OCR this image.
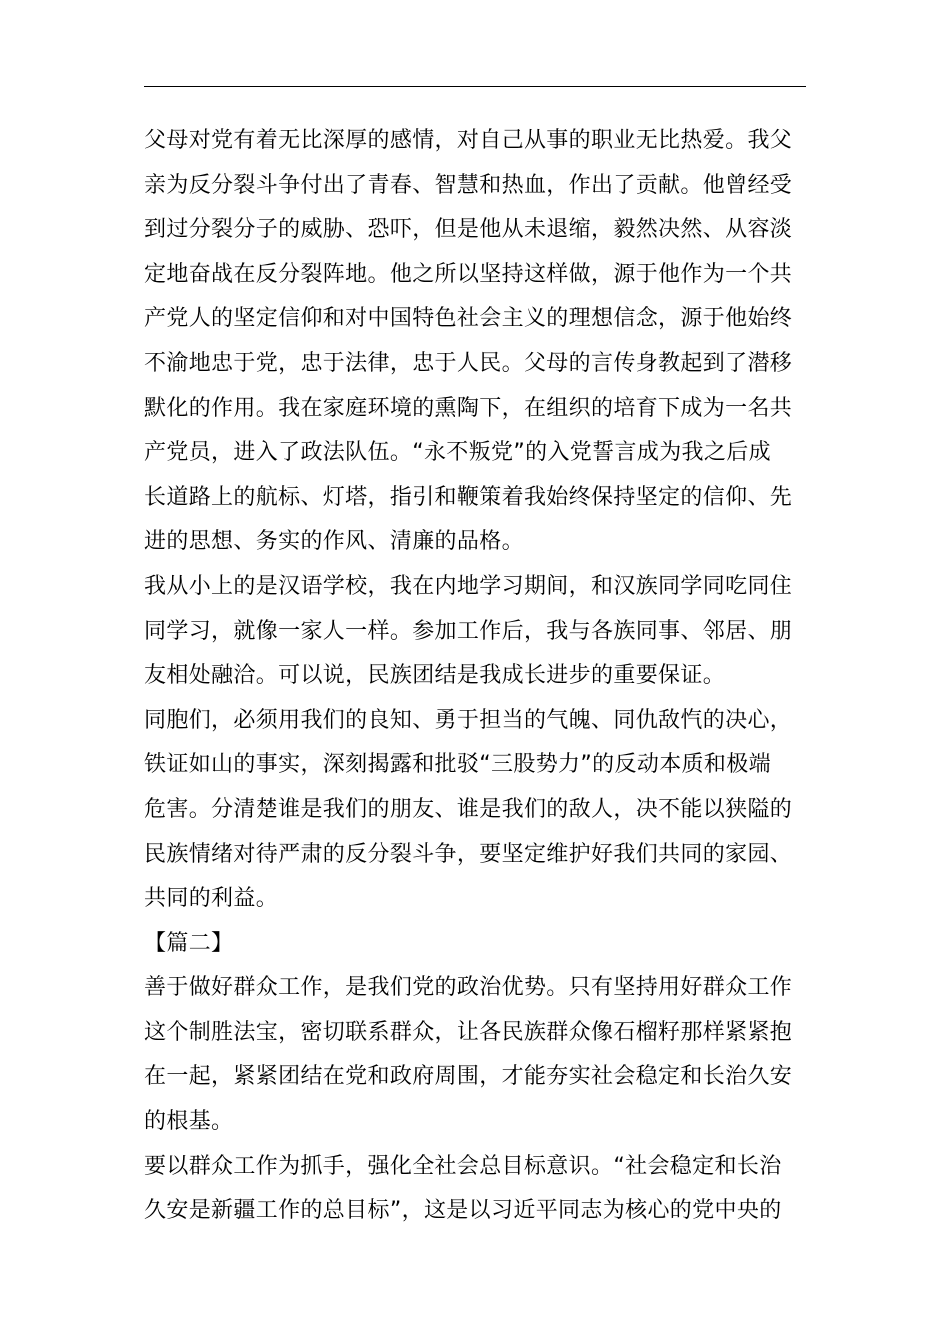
父母对党有着无比深厚的感情，对自己从事的职业无比热爱。我父
亲为反分裂斗争付出了青春、智慧和热血，作出了贡献。他曾经受
到过分裂分子的威胁、恐吓，但是他从未退缩，毅然决然、从容淡
定地奋战在反分裂阵地。他之所以坚持这样做，源于他作为一个共
产党人的坚定信仰和对中国特色社会主义的理想信念，源于他始终
不渝地忠于党，忠于法律，忠于人民。父母的言传身教起到了潜移
默化的作用。我在家庭环境的熏陶下，在组织的培育下成为一名共
产党员，进入了政法队伍。“永不叛党”的入党誓言成为我之后成
长道路上的航标、灯塔，指引和鞭策着我始终保持坚定的信仰、先
进的思想、务实的作风、清廉的品格。
我从小上的是汉语学校，我在内地学习期间，和汉族同学同吃同住
同学习，就像一家人一样。参加工作后，我与各族同事、邻居、朋
友相处融洽。可以说，民族团结是我成长进步的重要保证。
同胞们，必须用我们的良知、勇于担当的气魄、同仇敌忾的决心，
铁证如山的事实，深刻揭露和批驳“三股势力”的反动本质和极端
危害。分清楚谁是我们的朋友、谁是我们的敌人，决不能以狭隘的
民族情绪对待严肃的反分裂斗争，要坚定维护好我们共同的家园、
共同的利益。
【篇二】
善于做好群众工作，是我们党的政治优势。只有坚持用好群众工作
这个制胜法宝，密切联系群众，让各民族群众像石榴籽那样紧紧抱
在一起，紧紧团结在党和政府周围，才能夯实社会稳定和长治久安
的根基。
要以群众工作为抓手，强化全社会总目标意识。“社会稳定和长治
久安是新疆工作的总目标”，这是以习近平同志为核心的党中央的
